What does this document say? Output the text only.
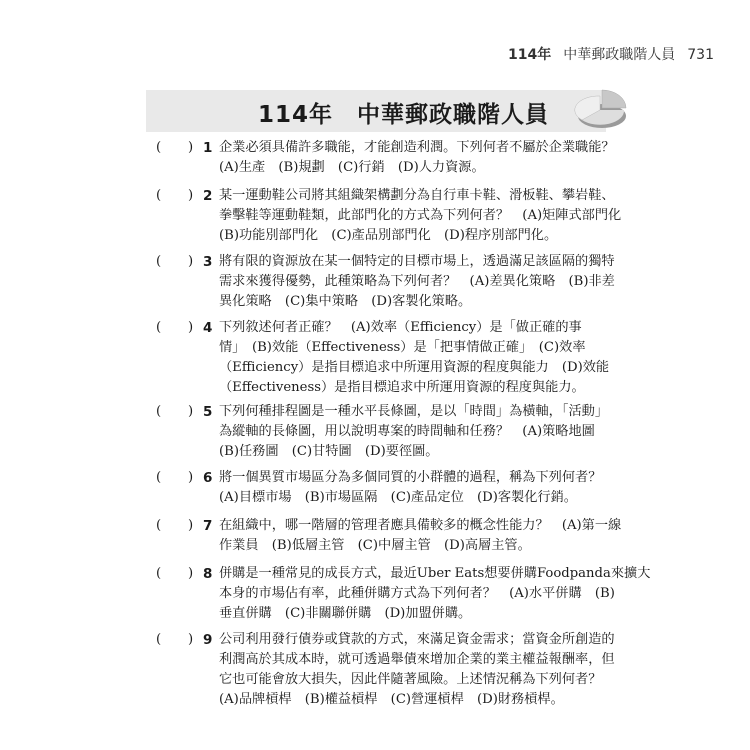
114年 中華郵政職階人員 731
114年　中華郵政職階人員
( ) 1 企業必須具備許多職能，才能創造利潤。下列何者不屬於企業職能？
(A)生產　(B)規劃　(C)行銷　(D)人力資源。
( ) 2 某一運動鞋公司將其組織架構劃分為自行車卡鞋、滑板鞋、攀岩鞋、
拳擊鞋等運動鞋類，此部門化的方式為下列何者？　(A)矩陣式部門化
(B)功能別部門化　(C)產品別部門化　(D)程序別部門化。
( ) 3 將有限的資源放在某一個特定的目標市場上，透過滿足該區隔的獨特
需求來獲得優勢，此種策略為下列何者？　(A)差異化策略　(B)非差
異化策略　(C)集中策略　(D)客製化策略。
( ) 4 下列敘述何者正確？　(A)效率（Efficiency）是「做正確的事
情」　(B)效能（Effectiveness）是「把事情做正確」　(C)效率
（Efficiency）是指目標追求中所運用資源的程度與能力　(D)效能
（Effectiveness）是指目標追求中所運用資源的程度與能力。
( ) 5 下列何種排程圖是一種水平長條圖，是以「時間」為橫軸，「活動」
為縱軸的長條圖，用以說明專案的時間軸和任務？　(A)策略地圖
(B)任務圖　(C)甘特圖　(D)要徑圖。
( ) 6 將一個異質市場區分為多個同質的小群體的過程，稱為下列何者？
(A)目標市場　(B)市場區隔　(C)產品定位　(D)客製化行銷。
( ) 7 在組織中，哪一階層的管理者應具備較多的概念性能力？　(A)第一線
作業員　(B)低層主管　(C)中層主管　(D)高層主管。
( ) 8 併購是一種常見的成長方式，最近Uber Eats想要併購Foodpanda來擴大
本身的市場佔有率，此種併購方式為下列何者？　(A)水平併購　(B)
垂直併購　(C)非關聯併購　(D)加盟併購。
( ) 9 公司利用發行債券或貸款的方式，來滿足資金需求；當資金所創造的
利潤高於其成本時，就可透過舉債來增加企業的業主權益報酬率，但
它也可能會放大損失，因此伴隨著風險。上述情況稱為下列何者？
(A)品牌槓桿　(B)權益槓桿　(C)營運槓桿　(D)財務槓桿。
